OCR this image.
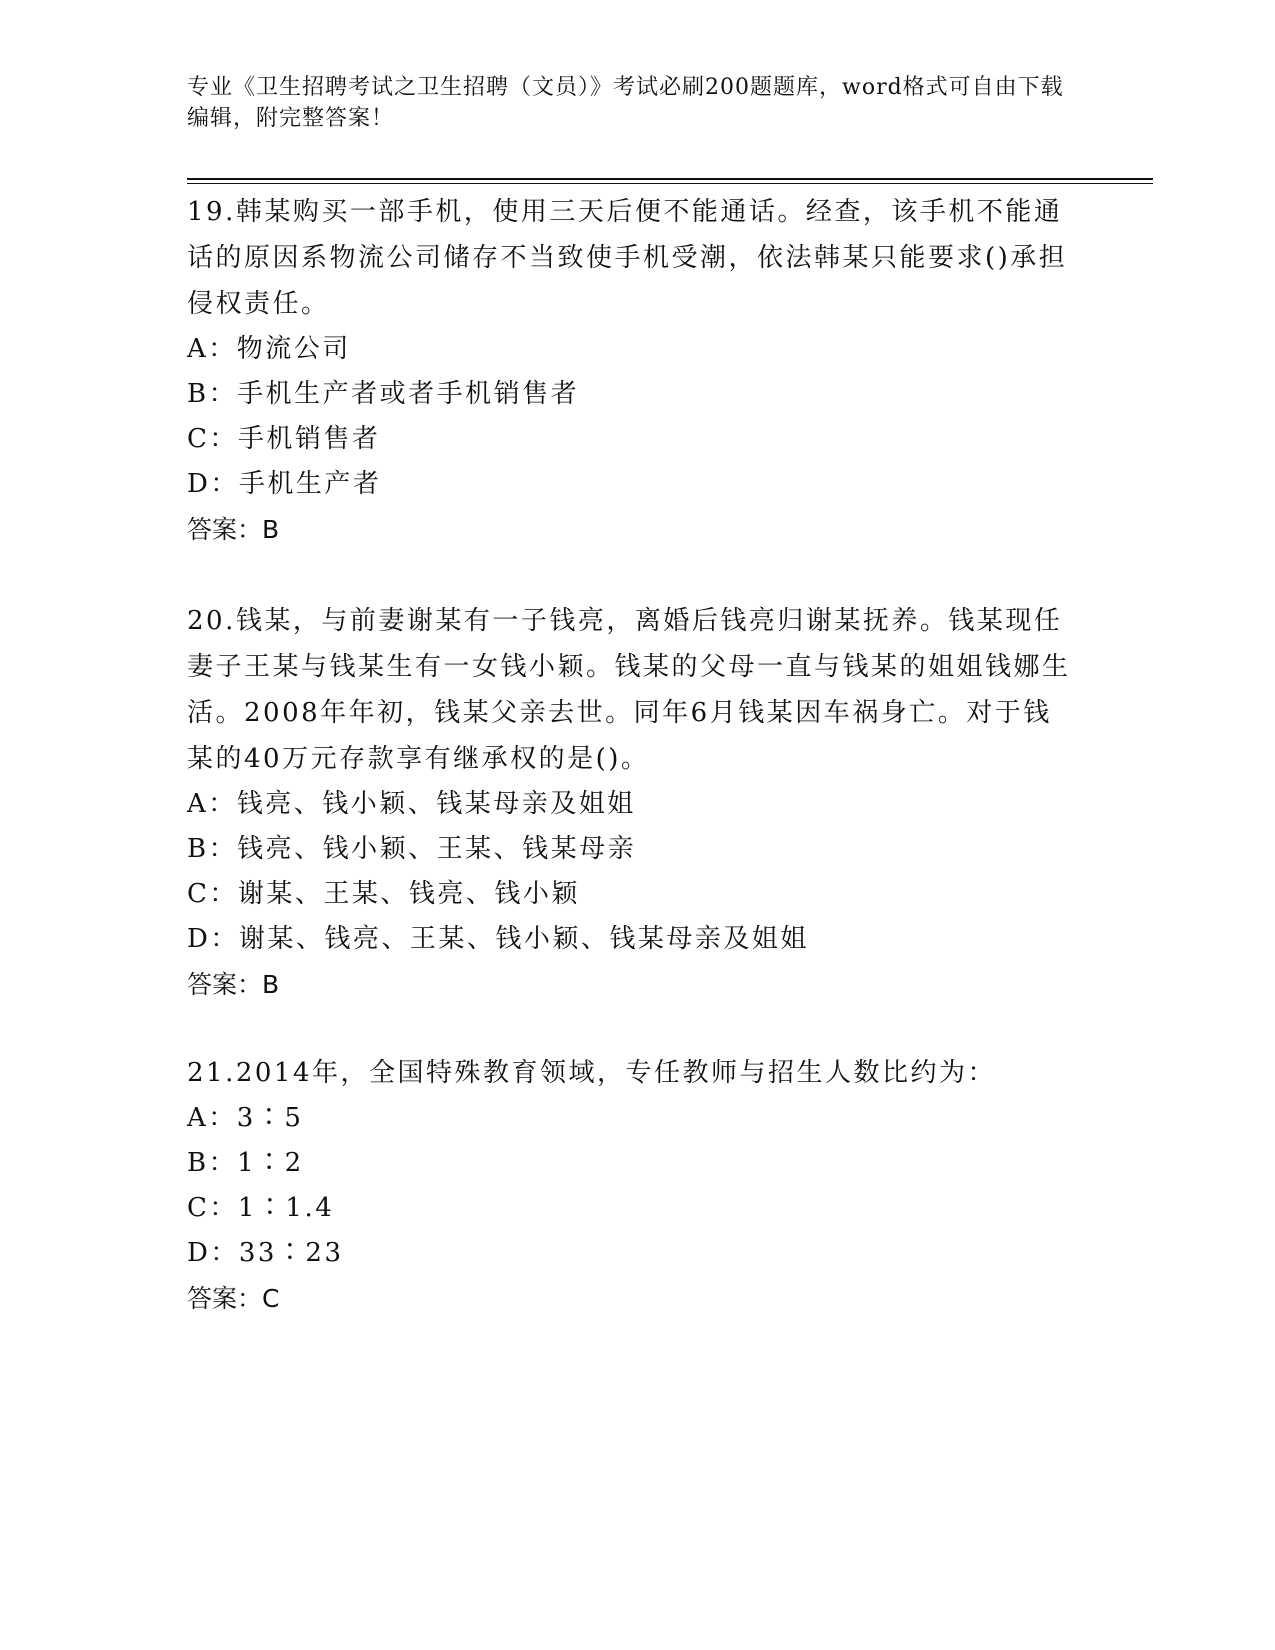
专业《卫生招聘考试之卫生招聘（文员）》考试必刷200题题库，word格式可自由下载编辑，附完整答案！
19.韩某购买一部手机，使用三天后便不能通话。经查，该手机不能通话的原因系物流公司储存不当致使手机受潮，依法韩某只能要求()承担侵权责任。
A：物流公司
B：手机生产者或者手机销售者
C：手机销售者
D：手机生产者
答案：B
20.钱某，与前妻谢某有一子钱亮，离婚后钱亮归谢某抚养。钱某现任妻子王某与钱某生有一女钱小颖。钱某的父母一直与钱某的姐姐钱娜生活。2008年年初，钱某父亲去世。同年6月钱某因车祸身亡。对于钱某的40万元存款享有继承权的是()。
A：钱亮、钱小颖、钱某母亲及姐姐
B：钱亮、钱小颖、王某、钱某母亲
C：谢某、王某、钱亮、钱小颖
D：谢某、钱亮、王某、钱小颖、钱某母亲及姐姐
答案：B
21.2014年，全国特殊教育领域，专任教师与招生人数比约为：
A：3∶5
B：1∶2
C：1∶1.4
D：33∶23
答案：C
